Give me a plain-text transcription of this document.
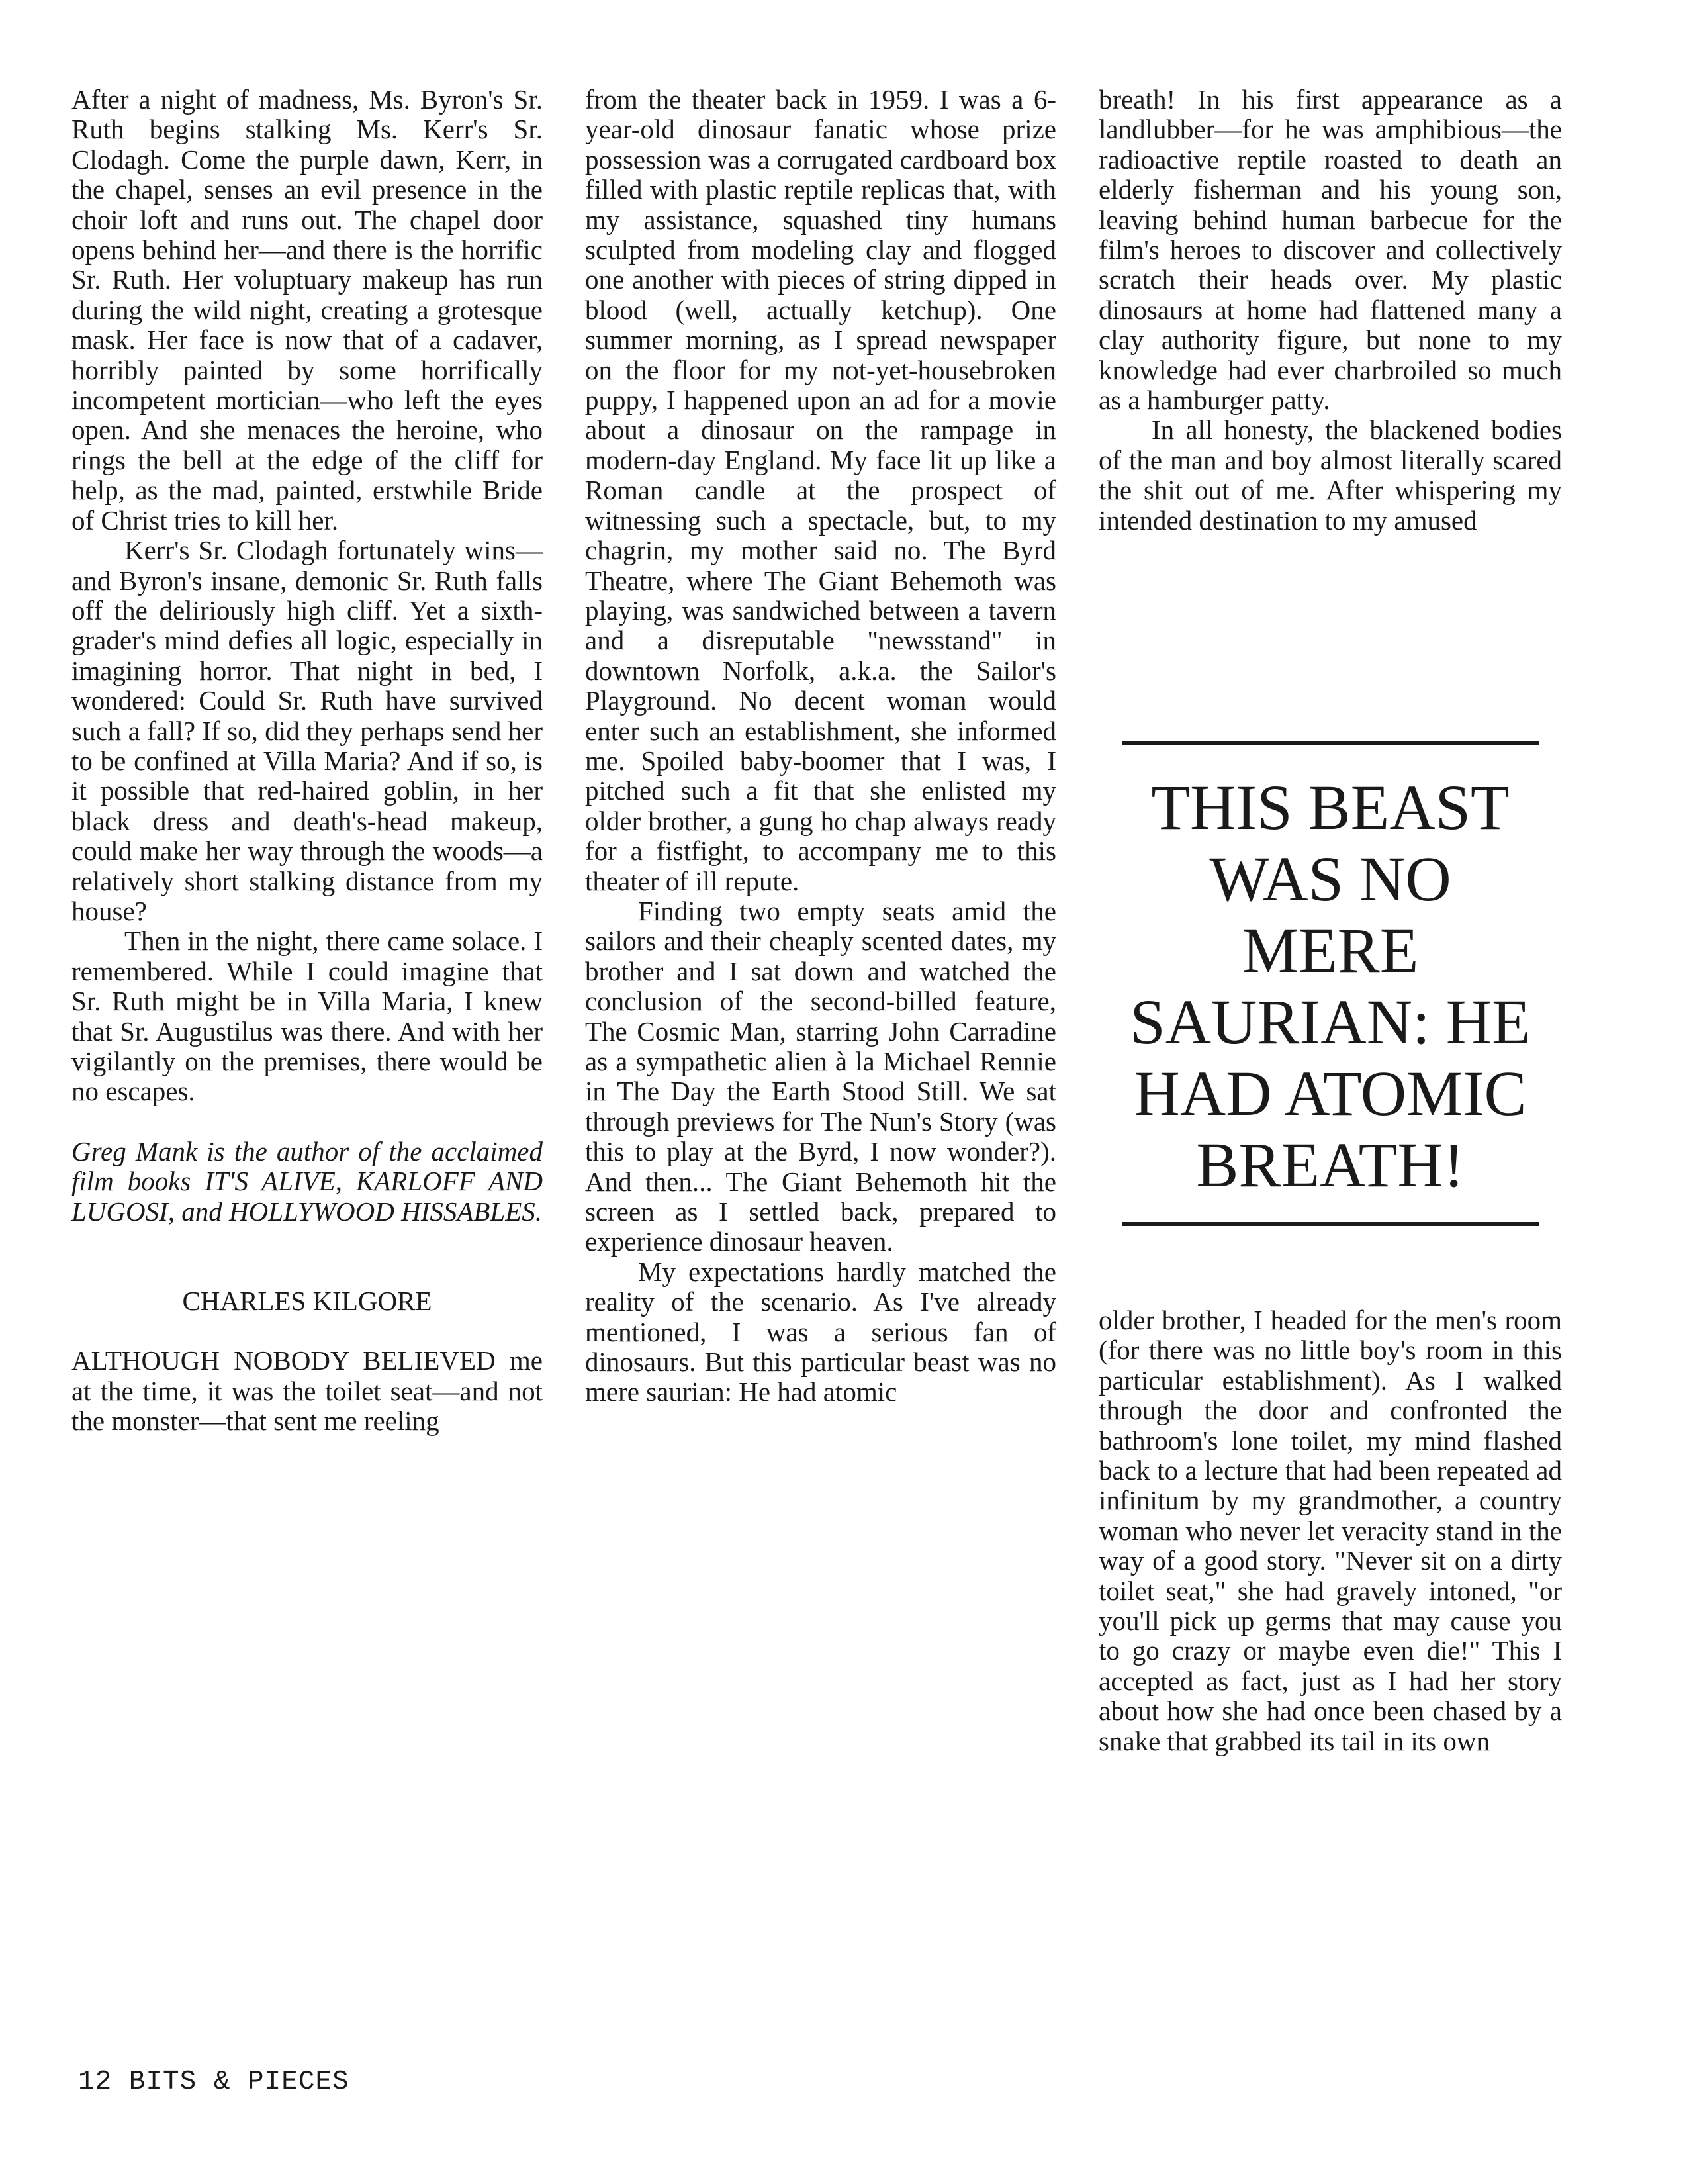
After a night of madness, Ms. Byron's Sr. Ruth begins stalking Ms. Kerr's Sr. Clodagh. Come the purple dawn, Kerr, in the chapel, senses an evil presence in the choir loft and runs out. The chapel door opens behind her—and there is the horrific Sr. Ruth. Her voluptuary makeup has run during the wild night, creating a grotesque mask. Her face is now that of a cadaver, horribly painted by some horrifically incompetent mortician—who left the eyes open. And she menaces the heroine, who rings the bell at the edge of the cliff for help, as the mad, painted, erstwhile Bride of Christ tries to kill her.

Kerr's Sr. Clodagh fortunately wins—and Byron's insane, demonic Sr. Ruth falls off the deliriously high cliff. Yet a sixth-grader's mind defies all logic, especially in imagining horror. That night in bed, I wondered: Could Sr. Ruth have survived such a fall? If so, did they perhaps send her to be confined at Villa Maria? And if so, is it possible that red-haired goblin, in her black dress and death's-head makeup, could make her way through the woods—a relatively short stalking distance from my house?

Then in the night, there came solace. I remembered. While I could imagine that Sr. Ruth might be in Villa Maria, I knew that Sr. Augustilus was there. And with her vigilantly on the premises, there would be no escapes.

Greg Mank is the author of the acclaimed film books IT'S ALIVE, KARLOFF AND LUGOSI, and HOLLYWOOD HISSABLES.

CHARLES KILGORE

ALTHOUGH NOBODY BELIEVED me at the time, it was the toilet seat—and not the monster—that sent me reeling

from the theater back in 1959. I was a 6-year-old dinosaur fanatic whose prize possession was a corrugated cardboard box filled with plastic reptile replicas that, with my assistance, squashed tiny humans sculpted from modeling clay and flogged one another with pieces of string dipped in blood (well, actually ketchup). One summer morning, as I spread newspaper on the floor for my not-yet-housebroken puppy, I happened upon an ad for a movie about a dinosaur on the rampage in modern-day England. My face lit up like a Roman candle at the prospect of witnessing such a spectacle, but, to my chagrin, my mother said no. The Byrd Theatre, where The Giant Behemoth was playing, was sandwiched between a tavern and a disreputable "newsstand" in downtown Norfolk, a.k.a. the Sailor's Playground. No decent woman would enter such an establishment, she informed me. Spoiled baby-boomer that I was, I pitched such a fit that she enlisted my older brother, a gung ho chap always ready for a fistfight, to accompany me to this theater of ill repute.

Finding two empty seats amid the sailors and their cheaply scented dates, my brother and I sat down and watched the conclusion of the second-billed feature, The Cosmic Man, starring John Carradine as a sympathetic alien à la Michael Rennie in The Day the Earth Stood Still. We sat through previews for The Nun's Story (was this to play at the Byrd, I now wonder?). And then... The Giant Behemoth hit the screen as I settled back, prepared to experience dinosaur heaven.

My expectations hardly matched the reality of the scenario. As I've already mentioned, I was a serious fan of dinosaurs. But this particular beast was no mere saurian: He had atomic

breath! In his first appearance as a landlubber—for he was amphibious—the radioactive reptile roasted to death an elderly fisherman and his young son, leaving behind human barbecue for the film's heroes to discover and collectively scratch their heads over. My plastic dinosaurs at home had flattened many a clay authority figure, but none to my knowledge had ever charbroiled so much as a hamburger patty.

In all honesty, the blackened bodies of the man and boy almost literally scared the shit out of me. After whispering my intended destination to my amused

THIS BEAST WAS NO MERE SAURIAN: HE HAD ATOMIC BREATH!

older brother, I headed for the men's room (for there was no little boy's room in this particular establishment). As I walked through the door and confronted the bathroom's lone toilet, my mind flashed back to a lecture that had been repeated ad infinitum by my grandmother, a country woman who never let veracity stand in the way of a good story. "Never sit on a dirty toilet seat," she had gravely intoned, "or you'll pick up germs that may cause you to go crazy or maybe even die!" This I accepted as fact, just as I had her story about how she had once been chased by a snake that grabbed its tail in its own

12 BITS & PIECES
